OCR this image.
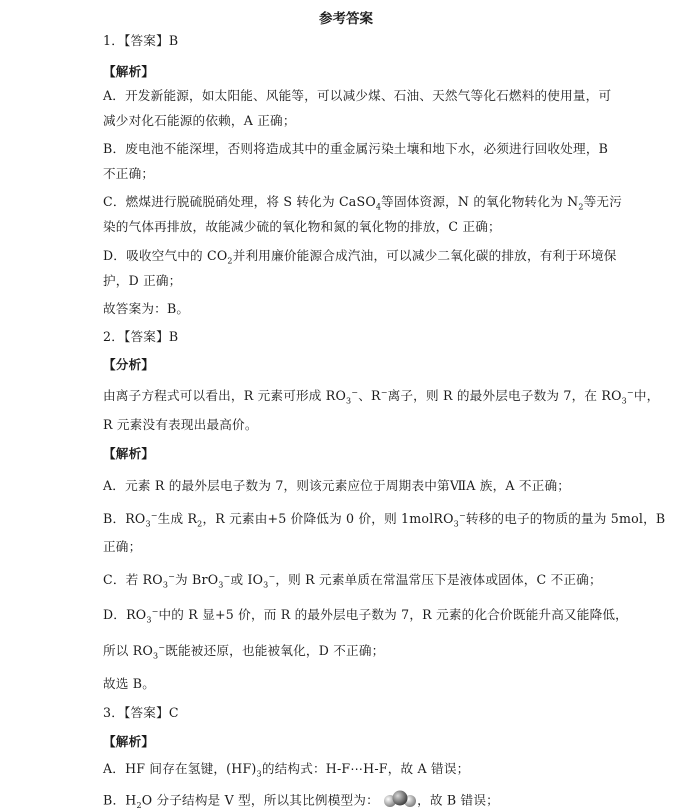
参考答案
1．【答案】B
【解析】
A．开发新能源，如太阳能、风能等，可以减少煤、石油、天然气等化石燃料的使用量，可
减少对化石能源的依赖，A 正确；
B．废电池不能深埋，否则将造成其中的重金属污染土壤和地下水，必须进行回收处理，B
不正确；
C．燃煤进行脱硫脱硝处理，将 S 转化为 CaSO$_4$等固体资源，N 的氧化物转化为 $N_2$等无污
染的气体再排放，故能减少硫的氧化物和氮的氧化物的排放，C 正确；
D．吸收空气中的 $CO_2$并利用廉价能源合成汽油，可以减少二氧化碳的排放，有利于环境保
护，D 正确；
故答案为：B。
2．【答案】B
【分析】
由离子方程式可以看出，R 元素可形成 $RO_3^-$、R−离子，则 R 的最外层电子数为 7，在 $RO_3^-$中，
R 元素没有表现出最高价。
【解析】
A．元素 R 的最外层电子数为 7，则该元素应位于周期表中第ⅦA 族，A 不正确；
B．$RO_3^-$生成 $R_2$，R 元素由+5 价降低为 0 价，则 1molRO$_3$−转移的电子的物质的量为 5mol，B
正确；
C．若 $RO_3^-$为 BrO$_3$−或 $IO_3^-$，则 R 元素单质在常温常压下是液体或固体，C 不正确；
D．$RO_3^-$中的 R 显+5 价，而 R 的最外层电子数为 7，R 元素的化合价既能升高又能降低，
所以 $RO_3^-$既能被还原，也能被氧化，D 不正确；
故选 B。
3．【答案】C
【解析】
A．HF 间存在氢键，$(HF)_3$的结构式：H-F⋯H-F，故 A 错误；
B．$H_2O$ 分子结构是 V 型，所以其比例模型为：	，故 B 错误；
